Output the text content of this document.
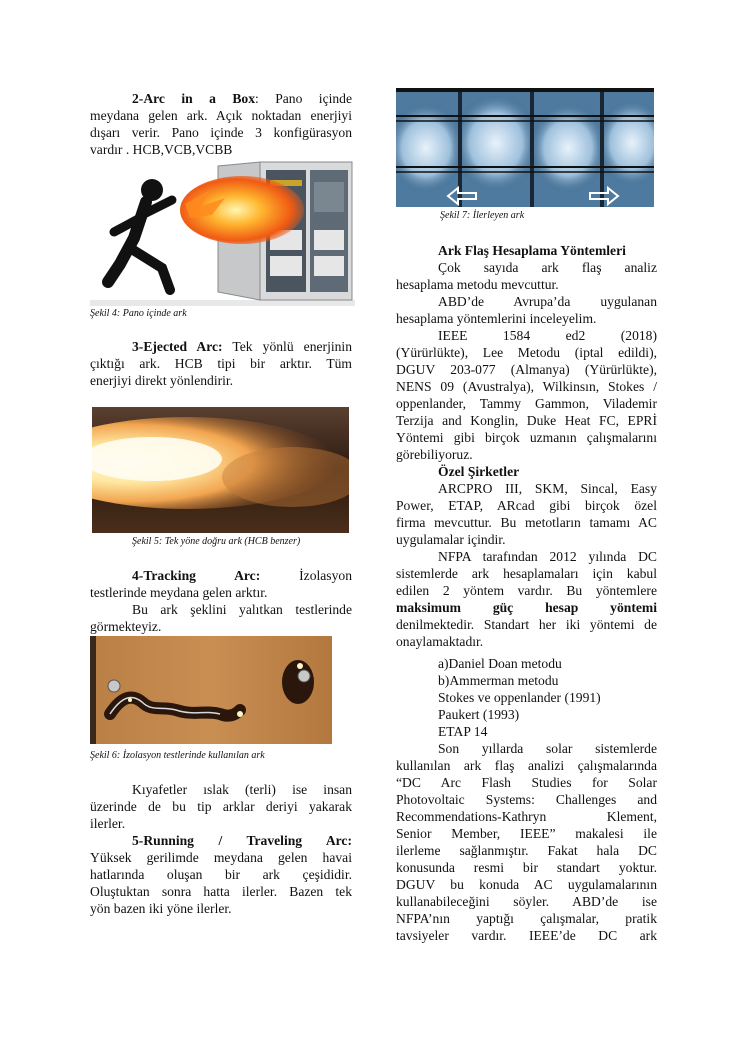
2-Arc in a Box: Pano içinde

meydana gelen ark. Açık noktadan enerjiyi

dışarı verir. Pano içinde 3 konfigürasyon

vardır . HCB,VCB,VCBB

Şekil 4: Pano içinde ark

3-Ejected Arc: Tek yönlü enerjinin

çıktığı ark. HCB tipi bir arktır. Tüm

enerjiyi direkt yönlendirir.

Şekil 5: Tek yöne doğru ark (HCB benzer)

4-Tracking Arc: İzolasyon

testlerinde meydana gelen arktır.

Bu ark şeklini yalıtkan testlerinde

görmekteyiz.

Şekil 6: İzolasyon testlerinde kullanılan ark

Kıyafetler ıslak (terli) ise insan

üzerinde de bu tip arklar deriyi yakarak

ilerler.

5-Running / Traveling Arc:

Yüksek gerilimde meydana gelen havai

hatlarında oluşan bir ark çeşididir.

Oluştuktan sonra hatta ilerler. Bazen tek

yön bazen iki yöne ilerler.

Şekil 7: İlerleyen ark

Ark Flaş Hesaplama Yöntemleri

Çok sayıda ark flaş analiz

hesaplama metodu mevcuttur.

ABD’de Avrupa’da uygulanan

hesaplama yöntemlerini inceleyelim.

IEEE 1584 ed2 (2018)

(Yürürlükte), Lee Metodu (iptal edildi),

DGUV 203-077 (Almanya) (Yürürlükte),

NENS 09 (Avustralya), Wilkinsın, Stokes /

oppenlander, Tammy Gammon, Vilademir

Terzija and Konglin, Duke Heat FC, EPRİ

Yöntemi gibi birçok uzmanın çalışmalarını

görebiliyoruz.

Özel Şirketler

ARCPRO III, SKM, Sincal, Easy

Power, ETAP, ARcad gibi birçok özel

firma mevcuttur. Bu metotların tamamı AC

uygulamalar içindir.

NFPA tarafından 2012 yılında DC

sistemlerde ark hesaplamaları için kabul

edilen 2 yöntem vardır. Bu yöntemlere

maksimum güç hesap yöntemi

denilmektedir. Standart her iki yöntemi de

onaylamaktadır.

a)Daniel Doan metodu

b)Ammerman metodu

Stokes ve oppenlander (1991)

Paukert (1993)

ETAP 14

Son yıllarda solar sistemlerde

kullanılan ark flaş analizi çalışmalarında

“DC Arc Flash Studies for Solar

Photovoltaic Systems: Challenges and

Recommendations-Kathryn Klement,

Senior Member, IEEE” makalesi ile

ilerleme sağlanmıştır. Fakat hala DC

konusunda resmi bir standart yoktur.

DGUV bu konuda AC uygulamalarının

kullanabileceğini söyler. ABD’de ise

NFPA’nın yaptığı çalışmalar, pratik

tavsiyeler vardır. IEEE’de DC ark
